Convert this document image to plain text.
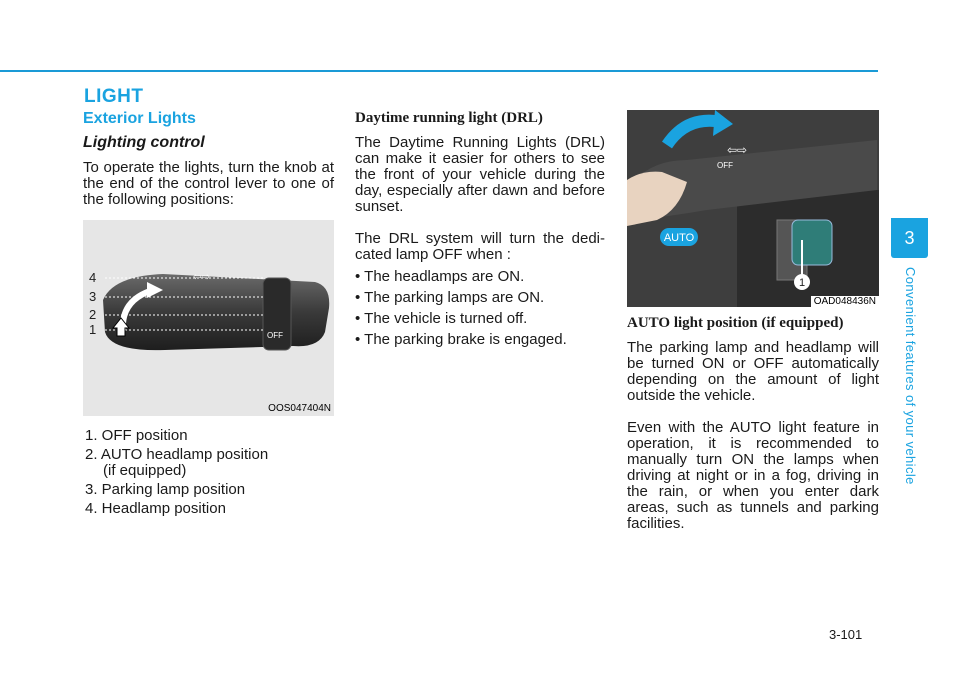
LIGHT
Exterior Lights
Lighting control

To operate the lights, turn the knob at the end of the control lever to one of the following positions:

⇦⇨
OFF
4
3
2
1
OOS047404N
1. OFF position
2. AUTO headlamp position
(if equipped)
3. Parking lamp position
4. Headlamp position
Daytime running light (DRL)

The Daytime Running Lights (DRL) can make it easier for others to see the front of your vehicle during the day, especially after dawn and before sunset.

The DRL system will turn the dedi-cated lamp OFF when :

• The headlamps are ON.
• The parking lamps are ON.
• The vehicle is turned off.
• The parking brake is engaged.
OFF
⇦⇨
AUTO
1
OAD048436N
AUTO light position (if equipped)

The parking lamp and headlamp will be turned ON or OFF automatically depending on the amount of light outside the vehicle.

Even with the AUTO light feature in operation, it is recommended to manually turn ON the lamps when driving at night or in a fog, driving in the rain, or when you enter dark areas, such as tunnels and parking facilities.

3
Convenient features of your vehicle
3-101
